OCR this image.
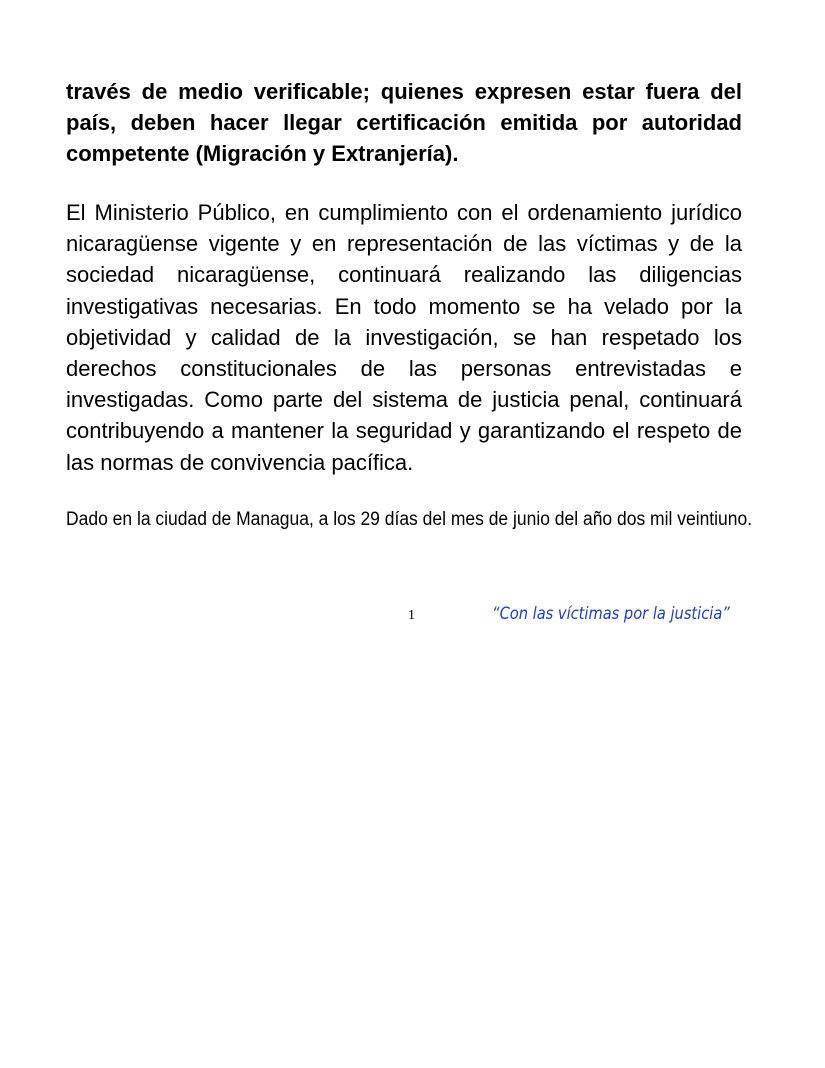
través de medio verificable; quienes expresen estar fuera del país, deben hacer llegar certificación emitida por autoridad competente (Migración y Extranjería).

El Ministerio Público, en cumplimiento con el ordenamiento jurídico nicaragüense vigente y en representación de las víctimas y de la sociedad nicaragüense, continuará realizando las diligencias investigativas necesarias. En todo momento se ha velado por la objetividad y calidad de la investigación, se han respetado los derechos constitucionales de las personas entrevistadas e investigadas. Como parte del sistema de justicia penal, continuará contribuyendo a mantener la seguridad y garantizando el respeto de las normas de convivencia pacífica.

Dado en la ciudad de Managua, a los 29 días del mes de junio del año dos mil veintiuno.

1	“Con las víctimas por la justicia”
